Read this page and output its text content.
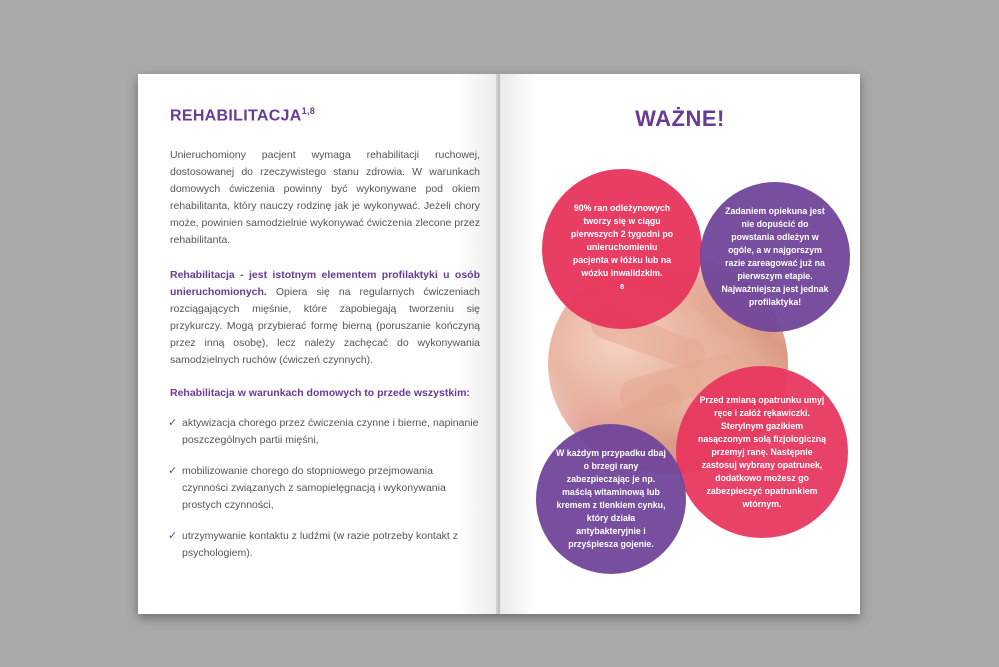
REHABILITACJA$^{1,8}$

Unieruchomiony pacjent wymaga rehabilitacji ruchowej, dostosowanej do rzeczywistego stanu zdrowia. W warunkach domowych ćwiczenia powinny być wykonywane pod okiem rehabilitanta, który nauczy rodzinę jak je wykonywać. Jeżeli chory może, powinien samodzielnie wykonywać ćwiczenia zlecone przez rehabilitanta.

Rehabilitacja - jest istotnym elementem profilaktyki u osób unieruchomionych. Opiera się na regularnych ćwiczeniach rozciągających mięśnie, które zapobiegają tworzeniu się przykurczy. Mogą przybierać formę bierną (poruszanie kończyną przez inną osobę), lecz należy zachęcać do wykonywania samodzielnych ruchów (ćwiczeń czynnych).

Rehabilitacja w warunkach domowych to przede wszystkim:
✓ aktywizacja chorego przez ćwiczenia czynne i bierne, napinanie poszczególnych partii mięśni,
✓ mobilizowanie chorego do stopniowego przejmowania czynności związanych z samopielęgnacją i wykonywania prostych czynności,
✓ utrzymywanie kontaktu z ludźmi (w razie potrzeby kontakt z psychologiem).
WAŻNE!
90% ran odleżynowych tworzy się w ciągu pierwszych 2 tygodni po unieruchomieniu pacjenta w łóżku lub na wózku inwalidzkim.
$^8$
Zadaniem opiekuna jest nie dopuścić do powstania odleżyn w ogóle, a w najgorszym razie zareagować już na pierwszym etapie. Najważniejsza jest jednak profilaktyka!
Przed zmianą opatrunku umyj ręce i załóż rękawiczki. Sterylnym gazikiem nasączonym solą fizjologiczną przemyj ranę. Następnie zastosuj wybrany opatrunek, dodatkowo możesz go zabezpieczyć opatrunkiem wtórnym.
W każdym przypadku dbaj o brzegi rany zabezpieczając je np. maścią witaminową lub kremem z tlenkiem cynku, który działa antybakteryjnie i przyśpiesza gojenie.
